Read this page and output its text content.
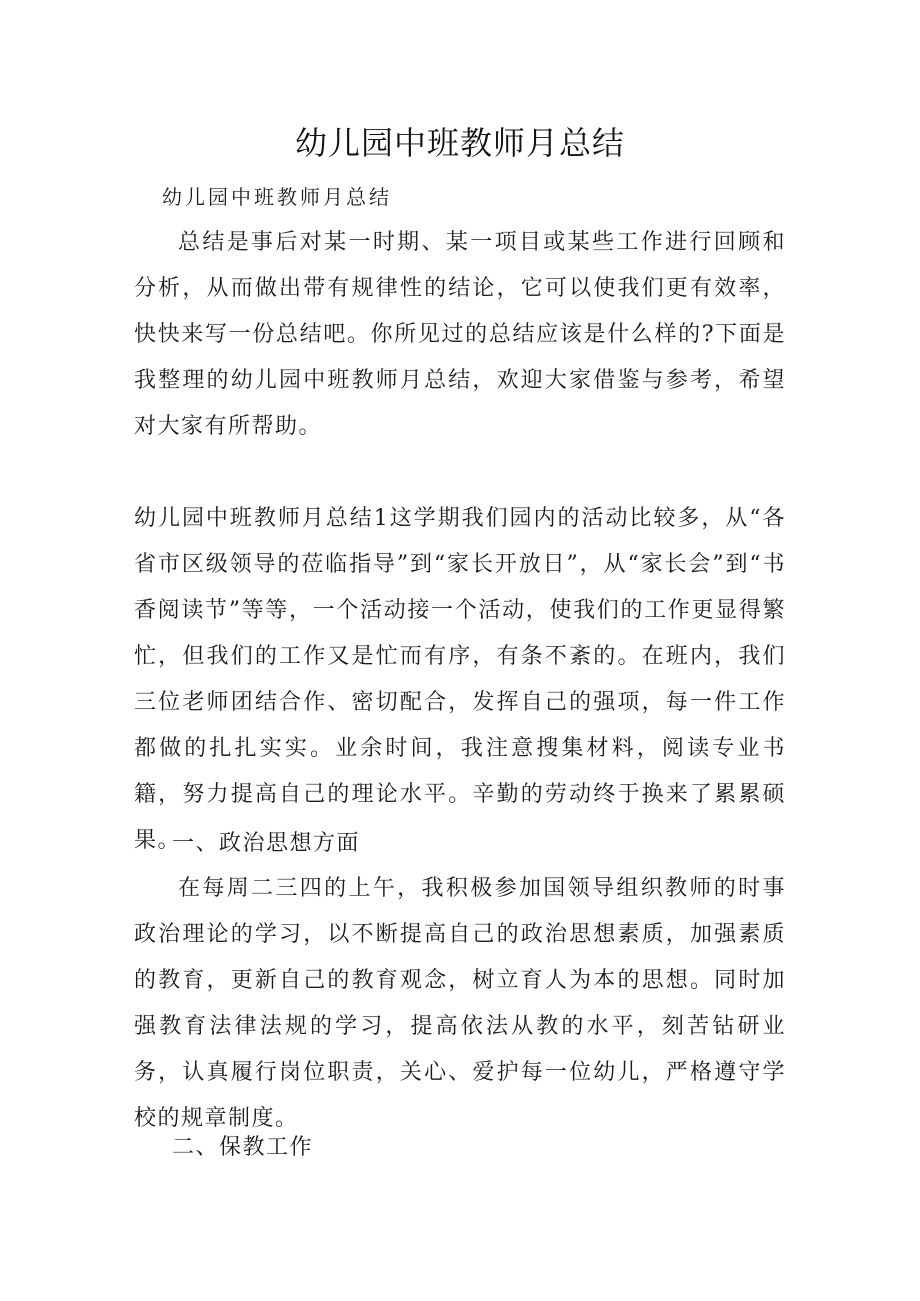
幼儿园中班教师月总结

幼儿园中班教师月总结

总结是事后对某一时期、某一项目或某些工作进行回顾和分析，从而做出带有规律性的结论，它可以使我们更有效率，快快来写一份总结吧。你所见过的总结应该是什么样的?下面是我整理的幼儿园中班教师月总结，欢迎大家借鉴与参考，希望对大家有所帮助。

幼儿园中班教师月总结1这学期我们园内的活动比较多，从“各省市区级领导的莅临指导”到“家长开放日”，从“家长会”到“书香阅读节”等等，一个活动接一个活动，使我们的工作更显得繁忙，但我们的工作又是忙而有序，有条不紊的。在班内，我们三位老师团结合作、密切配合，发挥自己的强项，每一件工作都做的扎扎实实。业余时间，我注意搜集材料，阅读专业书籍，努力提高自己的理论水平。辛勤的劳动终于换来了累累硕果。

一、政治思想方面

在每周二三四的上午，我积极参加国领导组织教师的时事政治理论的学习，以不断提高自己的政治思想素质，加强素质的教育，更新自己的教育观念，树立育人为本的思想。同时加强教育法律法规的学习，提高依法从教的水平，刻苦钻研业务，认真履行岗位职责，关心、爱护每一位幼儿，严格遵守学校的规章制度。

二、保教工作
